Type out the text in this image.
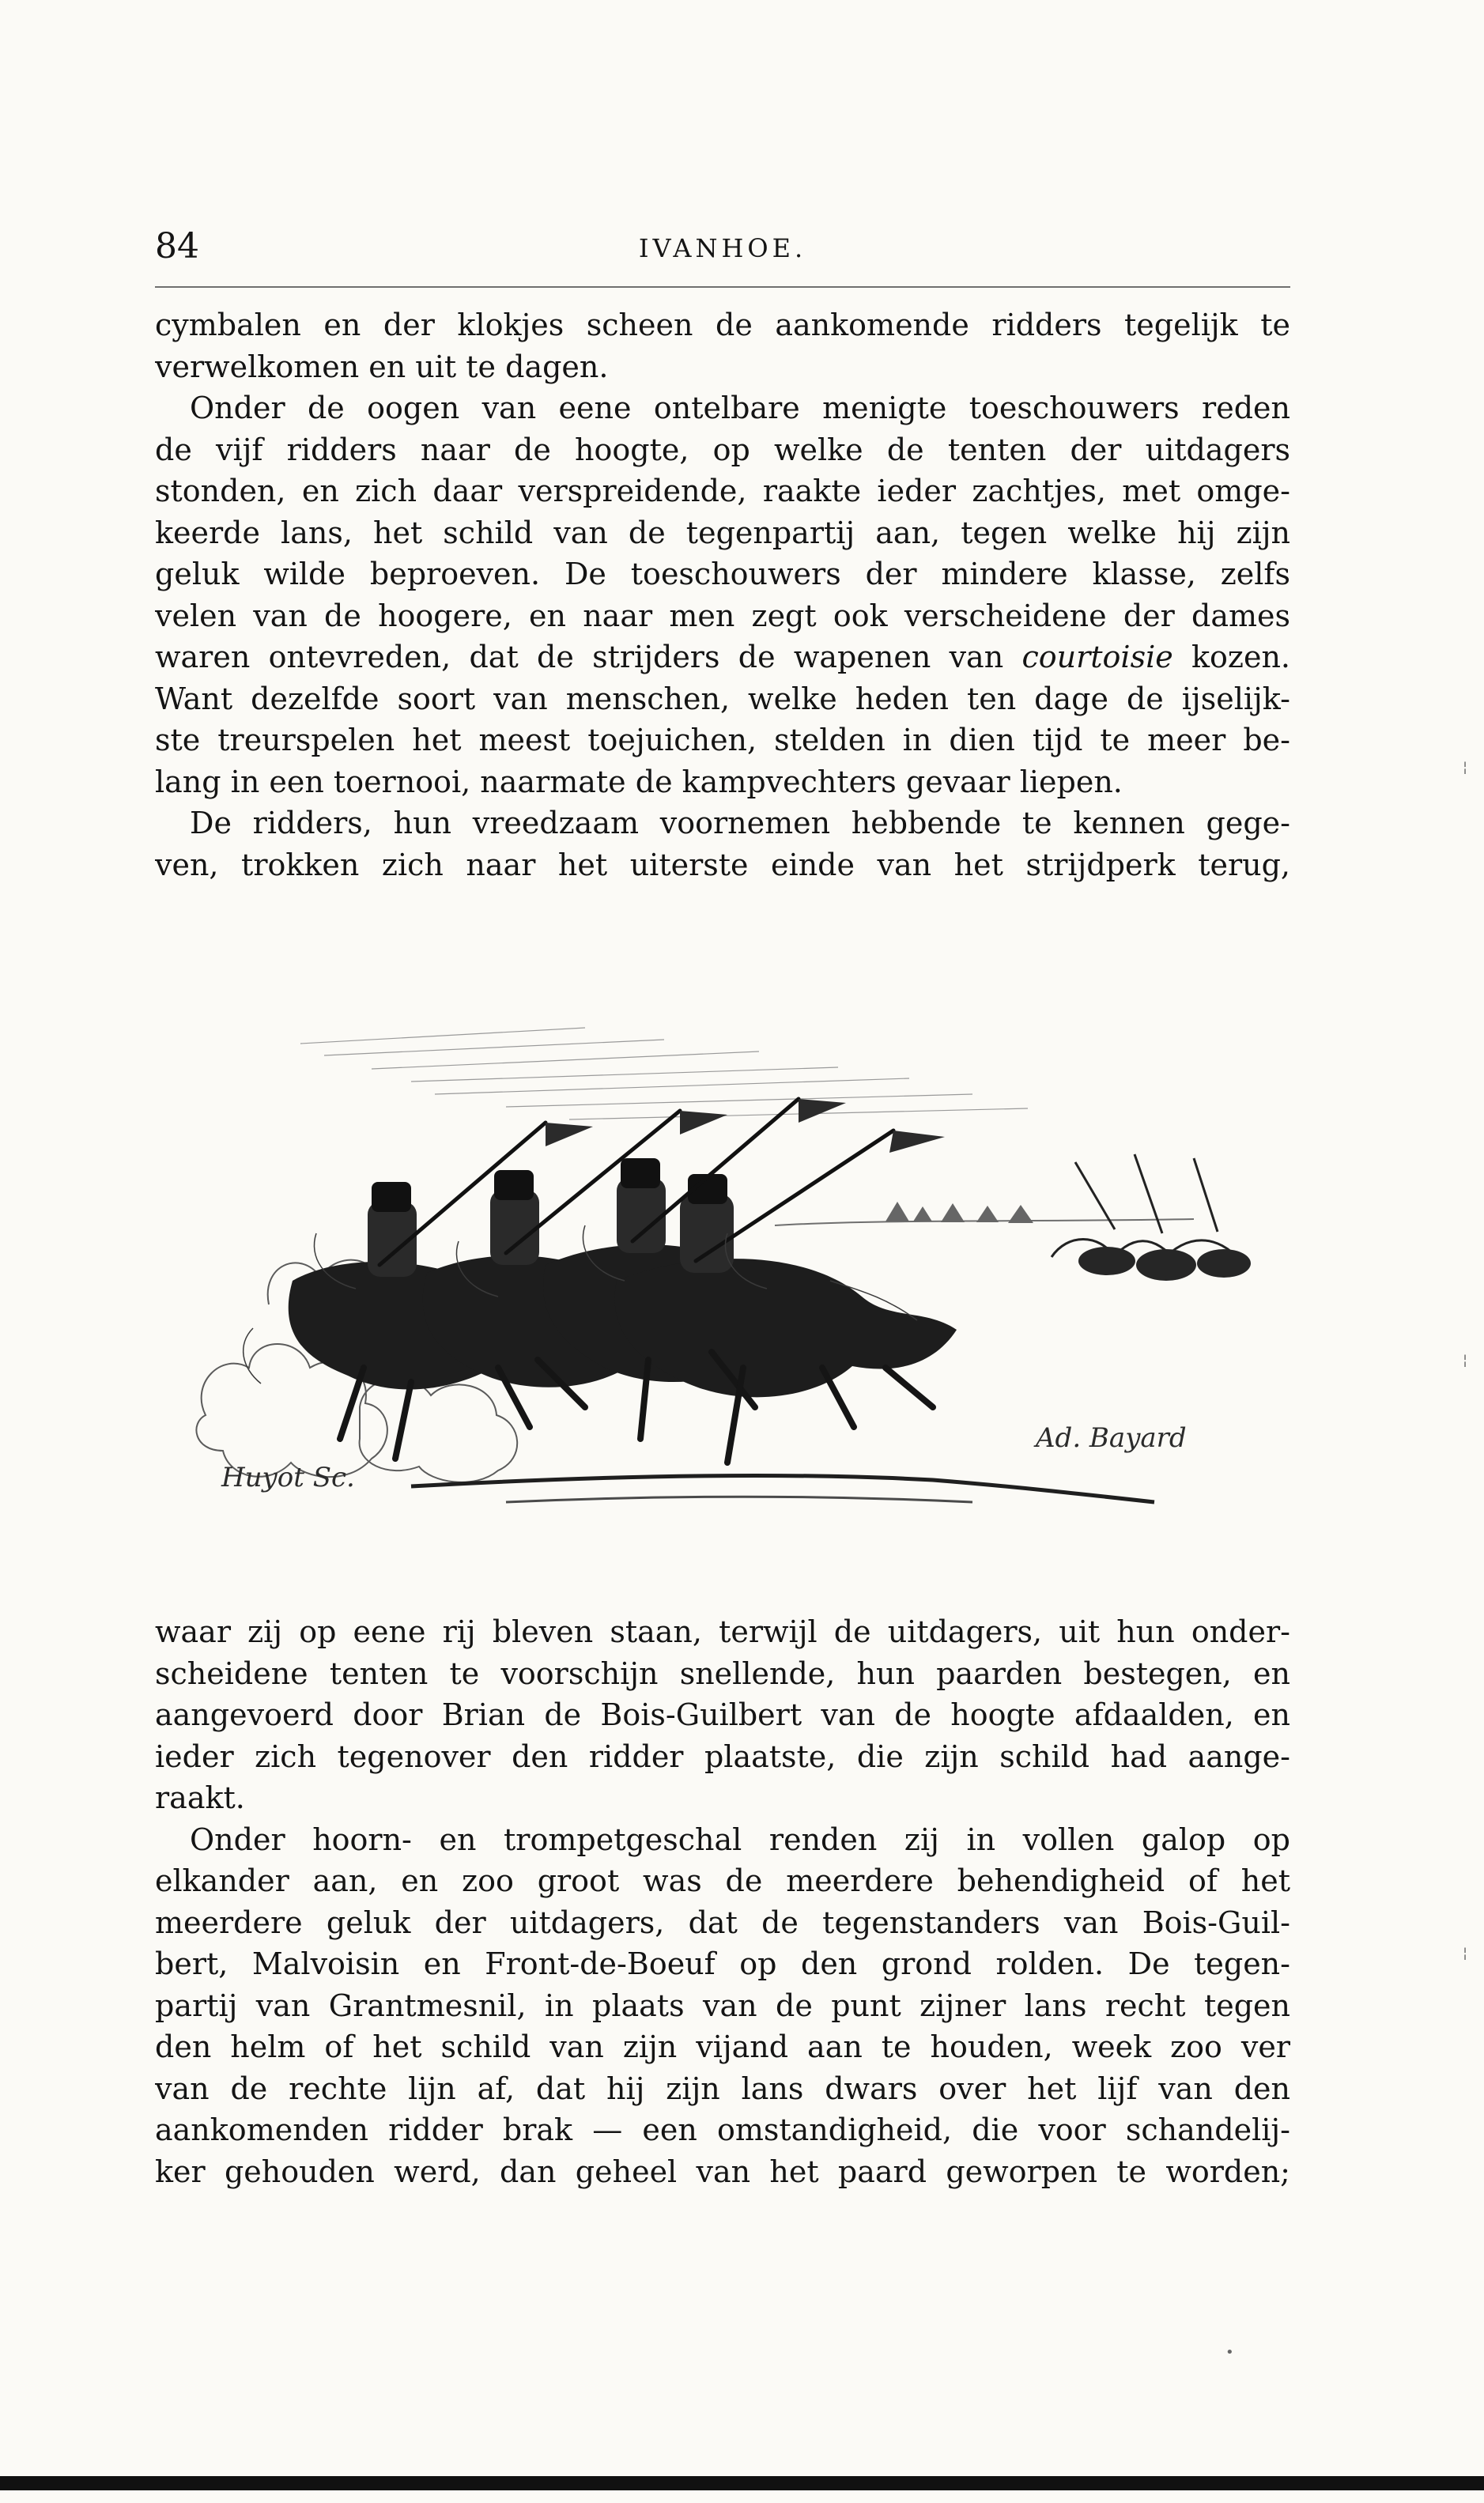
84	IVANHOE.
cymbalen en der klokjes scheen de aankomende ridders tegelijk te
verwelkomen en uit te dagen.
Onder de oogen van eene ontelbare menigte toeschouwers reden
de vijf ridders naar de hoogte, op welke de tenten der uitdagers
stonden, en zich daar verspreidende, raakte ieder zachtjes, met omge-
keerde lans, het schild van de tegenpartij aan, tegen welke hij zijn
geluk wilde beproeven. De toeschouwers der mindere klasse, zelfs
velen van de hoogere, en naar men zegt ook verscheidene der dames
waren ontevreden, dat de strijders de wapenen van courtoisie kozen.
Want dezelfde soort van menschen, welke heden ten dage de ijselijk-
ste treurspelen het meest toejuichen, stelden in dien tijd te meer be-
lang in een toernooi, naarmate de kampvechters gevaar liepen.
De ridders, hun vreedzaam voornemen hebbende te kennen gege-
ven, trokken zich naar het uiterste einde van het strijdperk terug,
Huyot Sc.
Ad. Bayard
waar zij op eene rij bleven staan, terwijl de uitdagers, uit hun onder-
scheidene tenten te voorschijn snellende, hun paarden bestegen, en
aangevoerd door Brian de Bois-Guilbert van de hoogte afdaalden, en
ieder zich tegenover den ridder plaatste, die zijn schild had aange-
raakt.
Onder hoorn- en trompetgeschal renden zij in vollen galop op
elkander aan, en zoo groot was de meerdere behendigheid of het
meerdere geluk der uitdagers, dat de tegenstanders van Bois-Guil-
bert, Malvoisin en Front-de-Boeuf op den grond rolden. De tegen-
partij van Grantmesnil, in plaats van de punt zijner lans recht tegen
den helm of het schild van zijn vijand aan te houden, week zoo ver
van de rechte lijn af, dat hij zijn lans dwars over het lijf van den
aankomenden ridder brak — een omstandigheid, die voor schandelij-
ker gehouden werd, dan geheel van het paard geworpen te worden;
•
¦
¦
¦
